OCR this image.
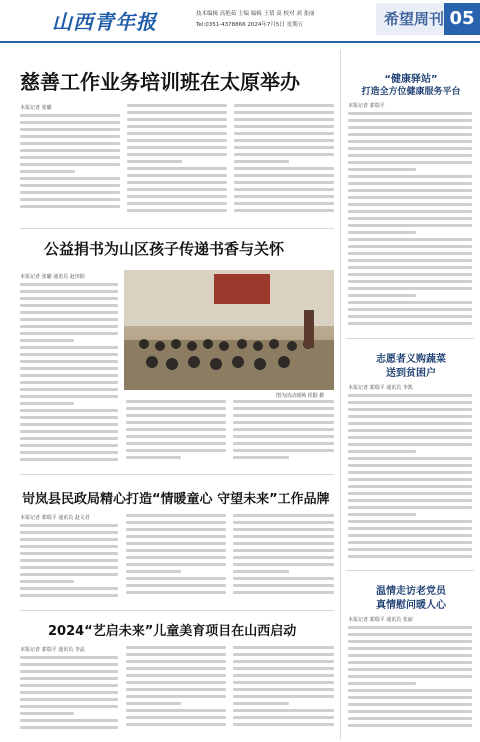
山西青年报	技术编辑 高艳茹 主编 编辑 王倩 高 校对 刘 张丽
Tel:0351-4378866 2024年7月5日 星期五	希望周刊 05
慈善工作业务培训班在太原举办
本报记者 张璐
公益捐书为山区孩子传递书香与关怀
本报记者 张璐 通讯员 赵田阳
图为活动现场 侯阳 摄
岢岚县民政局精心打造“情暖童心 守望未来”工作品牌
本报记者 郭瑞平 通讯员 赵文君
2024“艺启未来”儿童美育项目在山西启动
本报记者 郭瑞平 通讯员 李晶
“健康驿站”
打造全方位健康服务平台
本报记者 郭瑞平
志愿者义购蔬菜
送到贫困户
本报记者 郭瑞平 通讯员 李凯
温情走访老党员
真情慰问暖人心
本报记者 郭瑞平 通讯员 张丽
